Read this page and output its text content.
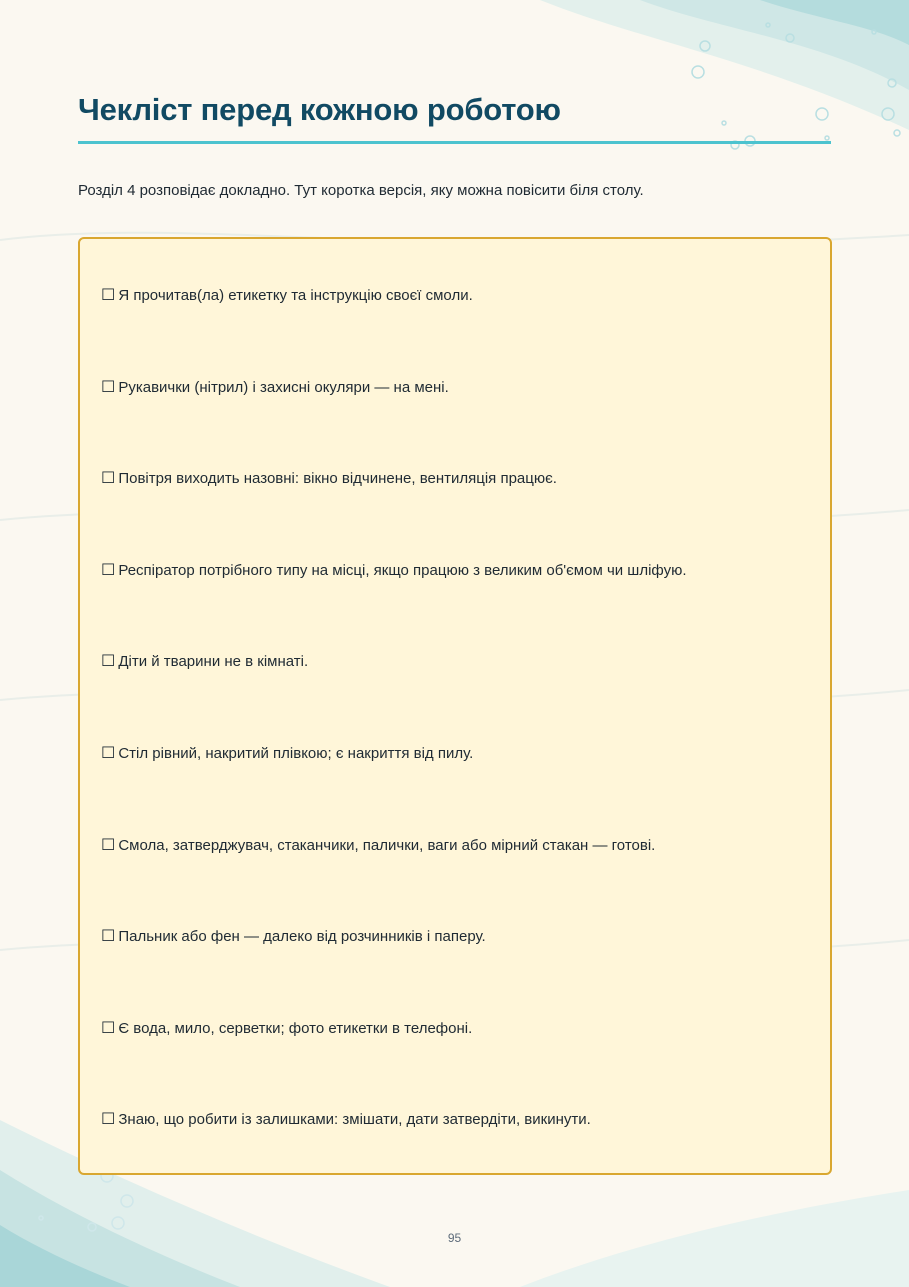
Чекліст перед кожною роботою

Розділ 4 розповідає докладно. Тут коротка версія, яку можна повісити біля столу.

☐ Я прочитав(ла) етикетку та інструкцію своєї смоли.
☐ Рукавички (нітрил) і захисні окуляри — на мені.
☐ Повітря виходить назовні: вікно відчинене, вентиляція працює.
☐ Респіратор потрібного типу на місці, якщо працюю з великим об'ємом чи шліфую.
☐ Діти й тварини не в кімнаті.
☐ Стіл рівний, накритий плівкою; є накриття від пилу.
☐ Смола, затверджувач, стаканчики, палички, ваги або мірний стакан — готові.
☐ Пальник або фен — далеко від розчинників і паперу.
☐ Є вода, мило, серветки; фото етикетки в телефоні.
☐ Знаю, що робити із залишками: змішати, дати затвердіти, викинути.
95
